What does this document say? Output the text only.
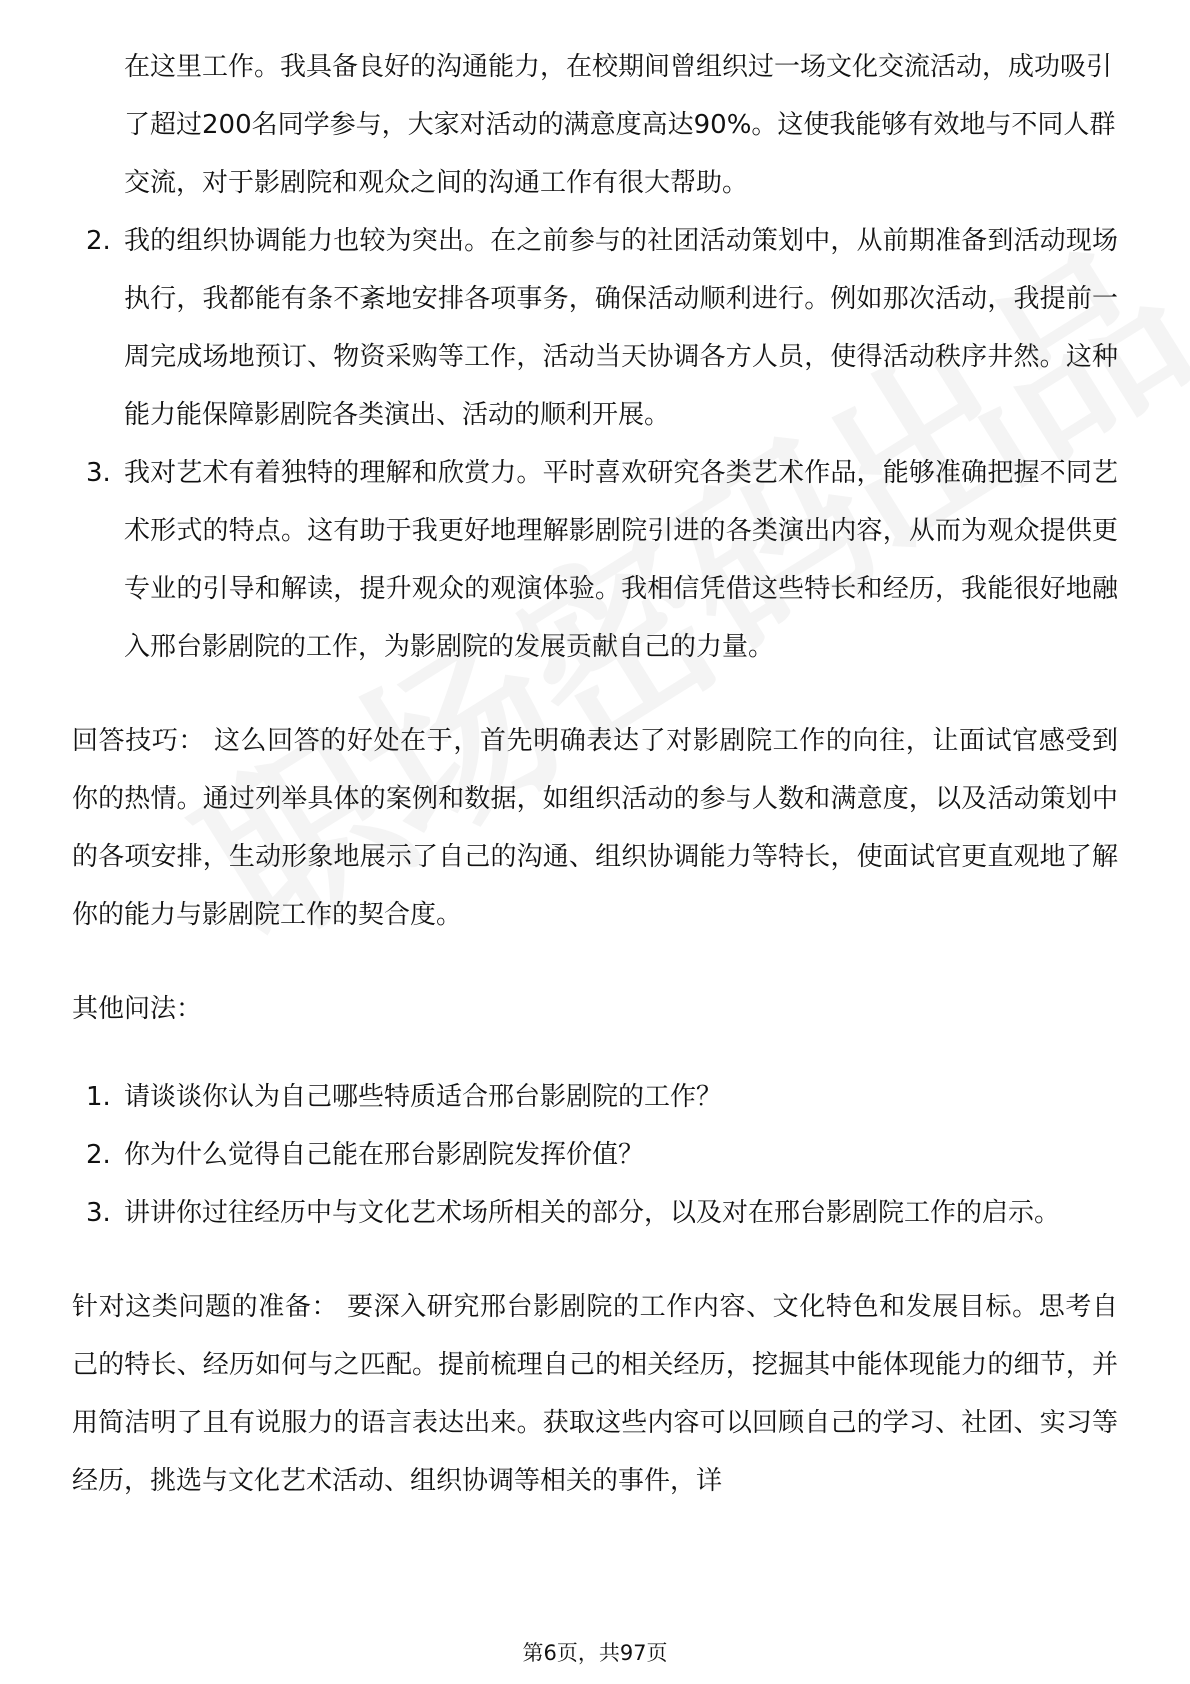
在这里工作。我具备良好的沟通能力，在校期间曾组织过一场文化交流活动，成功吸引了超过200名同学参与，大家对活动的满意度高达90%。这使我能够有效地与不同人群交流，对于影剧院和观众之间的沟通工作有很大帮助。
2. 我的组织协调能力也较为突出。在之前参与的社团活动策划中，从前期准备到活动现场执行，我都能有条不紊地安排各项事务，确保活动顺利进行。例如那次活动，我提前一周完成场地预订、物资采购等工作，活动当天协调各方人员，使得活动秩序井然。这种能力能保障影剧院各类演出、活动的顺利开展。
3. 我对艺术有着独特的理解和欣赏力。平时喜欢研究各类艺术作品，能够准确把握不同艺术形式的特点。这有助于我更好地理解影剧院引进的各类演出内容，从而为观众提供更专业的引导和解读，提升观众的观演体验。我相信凭借这些特长和经历，我能很好地融入邢台影剧院的工作，为影剧院的发展贡献自己的力量。

回答技巧： 这么回答的好处在于，首先明确表达了对影剧院工作的向往，让面试官感受到你的热情。通过列举具体的案例和数据，如组织活动的参与人数和满意度，以及活动策划中的各项安排，生动形象地展示了自己的沟通、组织协调能力等特长，使面试官更直观地了解你的能力与影剧院工作的契合度。

其他问法：

1. 请谈谈你认为自己哪些特质适合邢台影剧院的工作？
2. 你为什么觉得自己能在邢台影剧院发挥价值？
3. 讲讲你过往经历中与文化艺术场所相关的部分，以及对在邢台影剧院工作的启示。

针对这类问题的准备： 要深入研究邢台影剧院的工作内容、文化特色和发展目标。思考自己的特长、经历如何与之匹配。提前梳理自己的相关经历，挖掘其中能体现能力的细节，并用简洁明了且有说服力的语言表达出来。获取这些内容可以回顾自己的学习、社团、实习等经历，挑选与文化艺术活动、组织协调等相关的事件，详

第6页，共97页
